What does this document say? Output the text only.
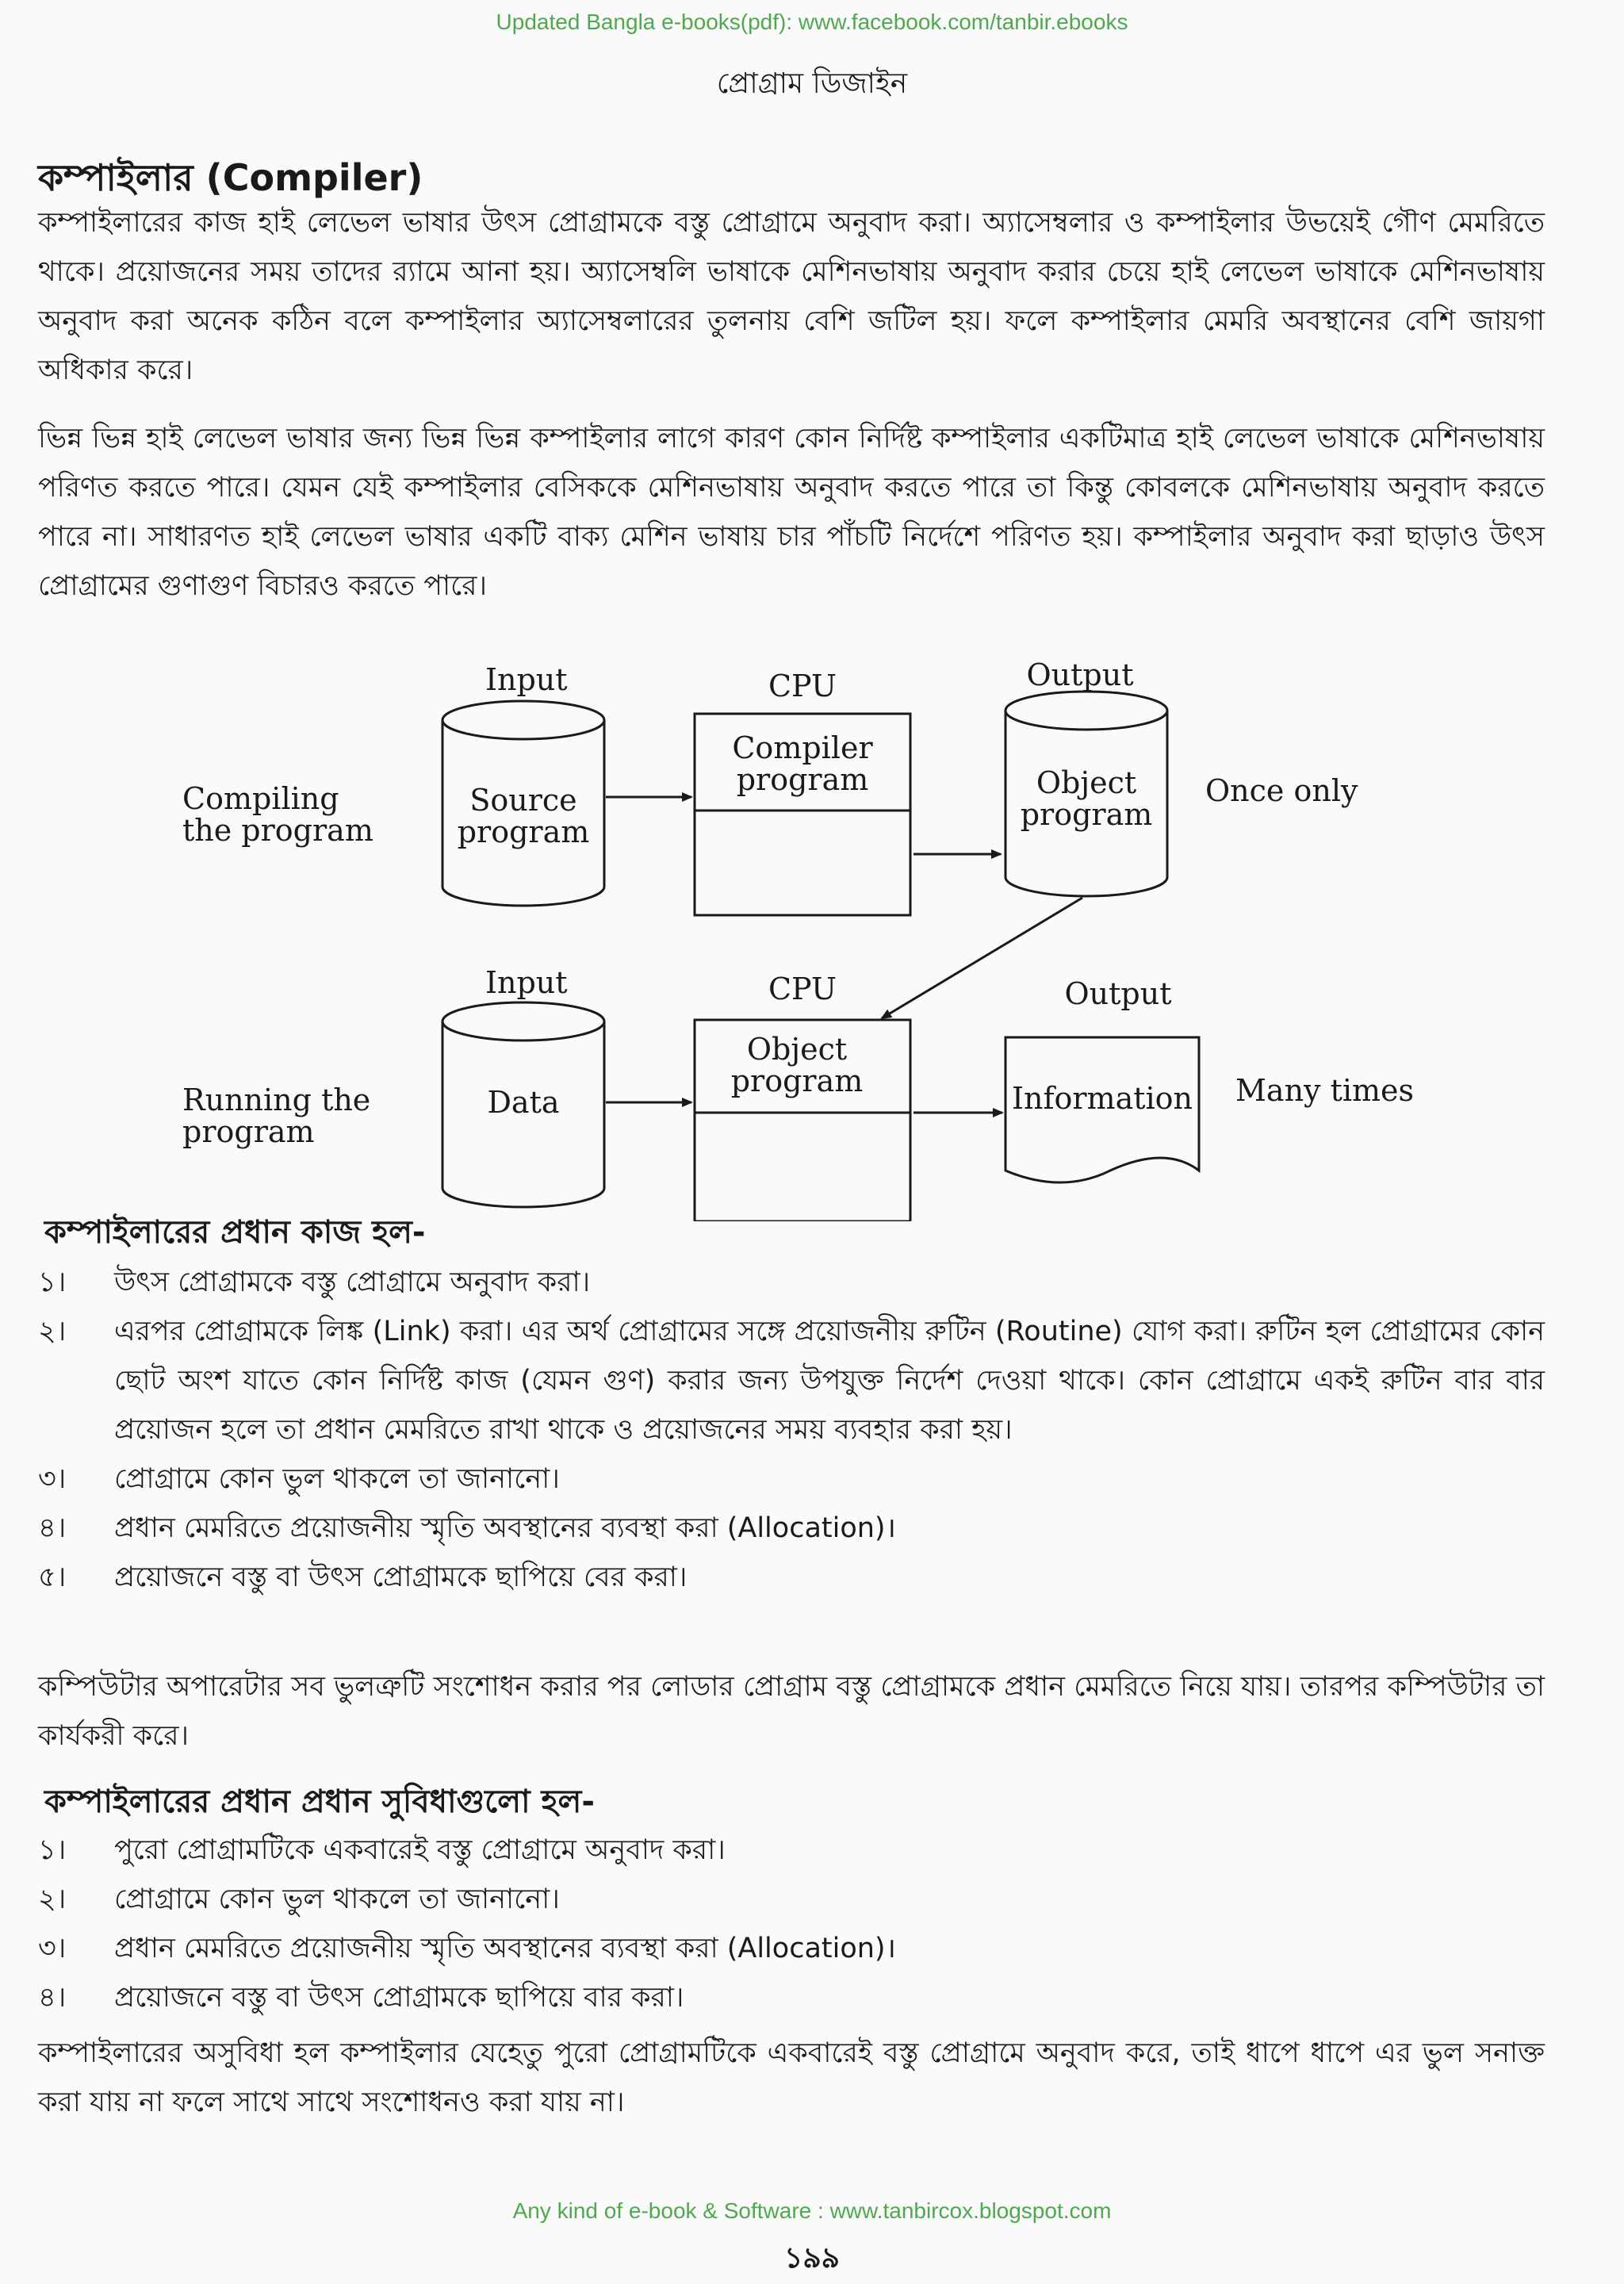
Updated Bangla e-books(pdf): www.facebook.com/tanbir.ebooks
প্রোগ্রাম ডিজাইন
কম্পাইলার (Compiler)
কম্পাইলারের কাজ হাই লেভেল ভাষার উৎস প্রোগ্রামকে বস্তু প্রোগ্রামে অনুবাদ করা। অ্যাসেম্বলার ও কম্পাইলার উভয়েই গৌণ মেমরিতে থাকে। প্রয়োজনের সময় তাদের র‍্যামে আনা হয়। অ্যাসেম্বলি ভাষাকে মেশিনভাষায় অনুবাদ করার চেয়ে হাই লেভেল ভাষাকে মেশিনভাষায় অনুবাদ করা অনেক কঠিন বলে কম্পাইলার অ্যাসেম্বলারের তুলনায় বেশি জটিল হয়। ফলে কম্পাইলার মেমরি অবস্থানের বেশি জায়গা অধিকার করে।
ভিন্ন ভিন্ন হাই লেভেল ভাষার জন্য ভিন্ন ভিন্ন কম্পাইলার লাগে কারণ কোন নির্দিষ্ট কম্পাইলার একটিমাত্র হাই লেভেল ভাষাকে মেশিনভাষায় পরিণত করতে পারে। যেমন যেই কম্পাইলার বেসিককে মেশিনভাষায় অনুবাদ করতে পারে তা কিন্তু কোবলকে মেশিনভাষায় অনুবাদ করতে পারে না। সাধারণত হাই লেভেল ভাষার একটি বাক্য মেশিন ভাষায় চার পাঁচটি নির্দেশে পরিণত হয়। কম্পাইলার অনুবাদ করা ছাড়াও উৎস প্রোগ্রামের গুণাগুণ বিচারও করতে পারে।
Compiling
the program
Input
Source
program
CPU
Compiler
program
Output
Object
program
Once only
Running the
program
Input
Data
CPU
Object
program
Output
Information Many times
কম্পাইলারের প্রধান কাজ হল-
১।	উৎস প্রোগ্রামকে বস্তু প্রোগ্রামে অনুবাদ করা।
২।	এরপর প্রোগ্রামকে লিঙ্ক (Link) করা। এর অর্থ প্রোগ্রামের সঙ্গে প্রয়োজনীয় রুটিন (Routine) যোগ করা। রুটিন হল প্রোগ্রামের কোন ছোট অংশ যাতে কোন নির্দিষ্ট কাজ (যেমন গুণ) করার জন্য উপযুক্ত নির্দেশ দেওয়া থাকে। কোন প্রোগ্রামে একই রুটিন বার বার প্রয়োজন হলে তা প্রধান মেমরিতে রাখা থাকে ও প্রয়োজনের সময় ব্যবহার করা হয়।
৩।	প্রোগ্রামে কোন ভুল থাকলে তা জানানো।
৪।	প্রধান মেমরিতে প্রয়োজনীয় স্মৃতি অবস্থানের ব্যবস্থা করা (Allocation)।
৫।	প্রয়োজনে বস্তু বা উৎস প্রোগ্রামকে ছাপিয়ে বের করা।
কম্পিউটার অপারেটার সব ভুলত্রুটি সংশোধন করার পর লোডার প্রোগ্রাম বস্তু প্রোগ্রামকে প্রধান মেমরিতে নিয়ে যায়। তারপর কম্পিউটার তা কার্যকরী করে।
কম্পাইলারের প্রধান প্রধান সুবিধাগুলো হল-
১।	পুরো প্রোগ্রামটিকে একবারেই বস্তু প্রোগ্রামে অনুবাদ করা।
২।	প্রোগ্রামে কোন ভুল থাকলে তা জানানো।
৩।	প্রধান মেমরিতে প্রয়োজনীয় স্মৃতি অবস্থানের ব্যবস্থা করা (Allocation)।
৪।	প্রয়োজনে বস্তু বা উৎস প্রোগ্রামকে ছাপিয়ে বার করা।
কম্পাইলারের অসুবিধা হল কম্পাইলার যেহেতু পুরো প্রোগ্রামটিকে একবারেই বস্তু প্রোগ্রামে অনুবাদ করে, তাই ধাপে ধাপে এর ভুল সনাক্ত করা যায় না ফলে সাথে সাথে সংশোধনও করা যায় না।
Any kind of e-book & Software : www.tanbircox.blogspot.com
১৯৯
